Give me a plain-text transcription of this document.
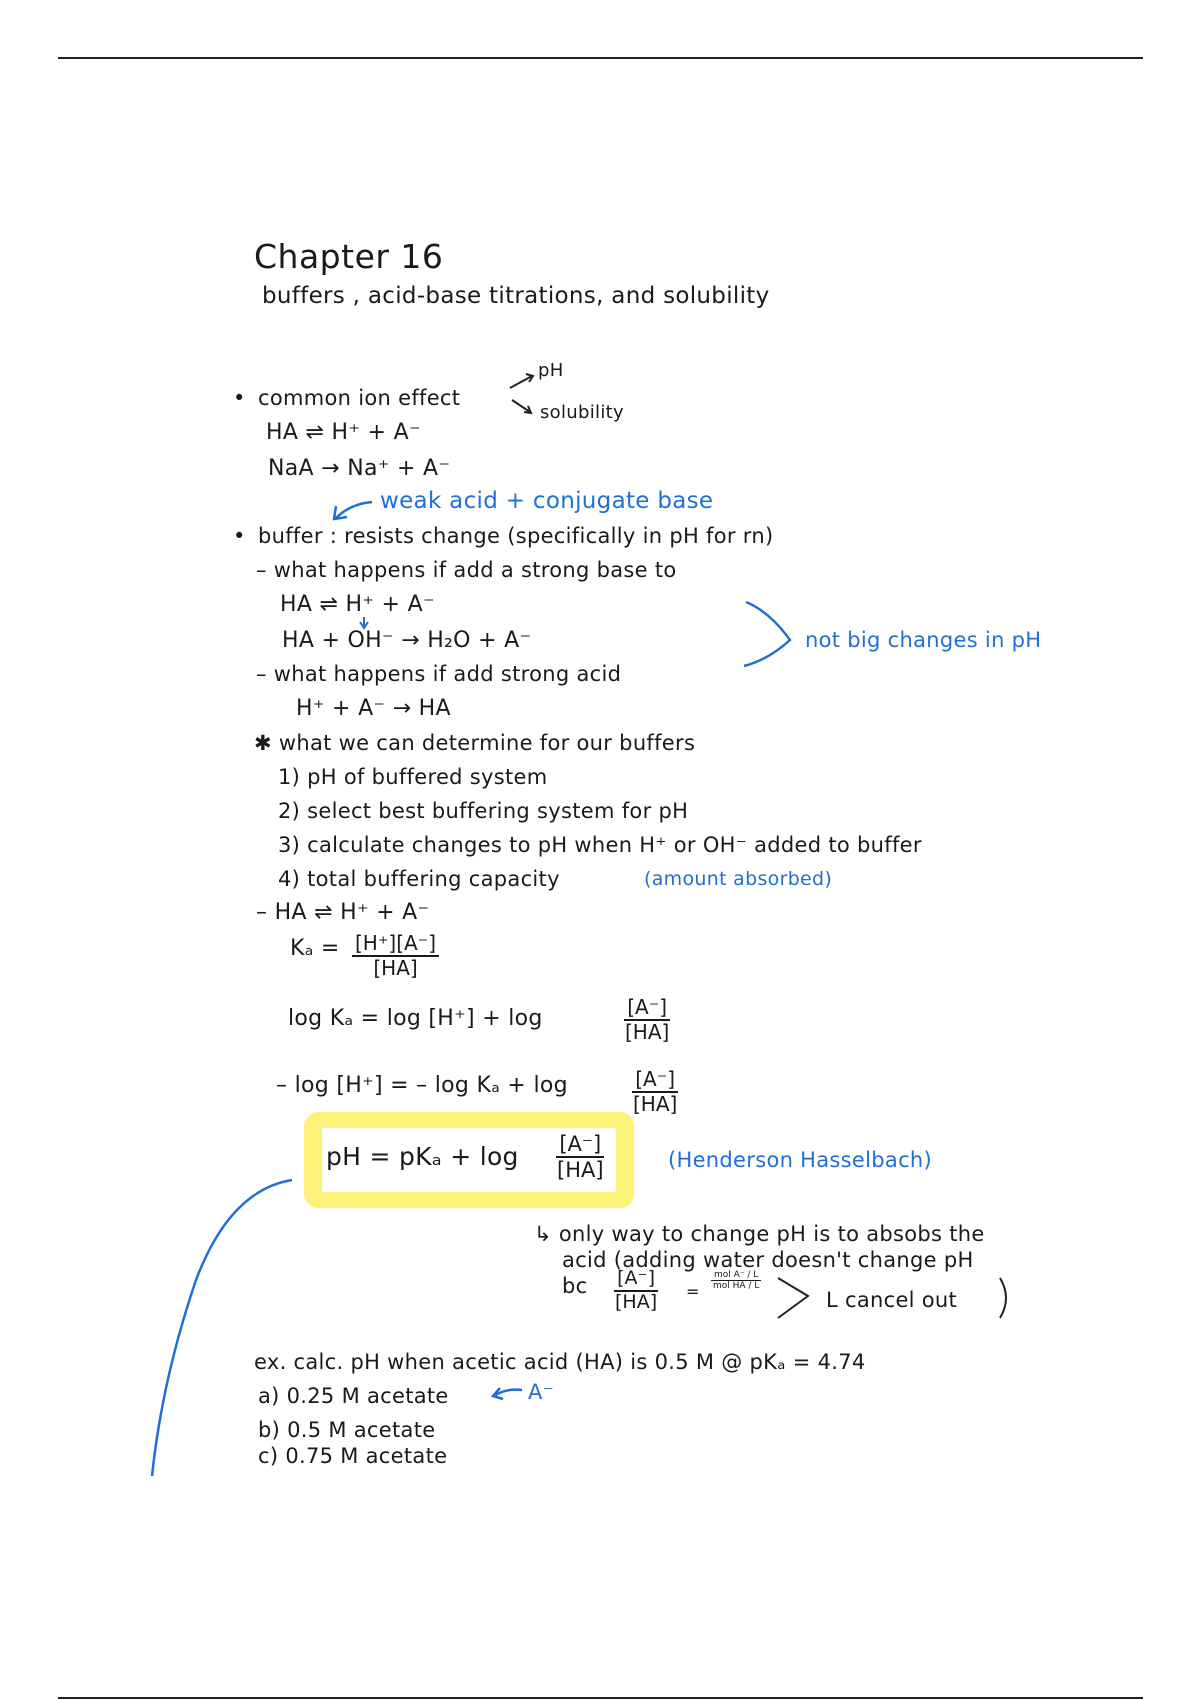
Chapter 16
buffers , acid-base titrations, and solubility
• common ion effect
pH
solubility
HA ⇌ H⁺ + A⁻
NaA → Na⁺ + A⁻
weak acid + conjugate base
• buffer : resists change (specifically in pH for rn)
– what happens if add a strong base to
HA ⇌ H⁺ + A⁻
HA + OH⁻ → H₂O + A⁻	not big changes in pH
– what happens if add strong acid
H⁺ + A⁻ → HA
✱ what we can determine for our buffers
1) pH of buffered system
2) select best buffering system for pH
3) calculate changes to pH when H⁺ or OH⁻ added to buffer
4) total buffering capacity	(amount absorbed)
– HA ⇌ H⁺ + A⁻
$K_a = \frac{[H^+][A^-]}{[HA]}$
log Kₐ = log [H⁺] + log	$\frac{[A^-]}{[HA]}$
– log [H⁺] = – log Kₐ + log	$\frac{[A^-]}{[HA]}$
pH = $pK_a + \log \frac{[A^-]}{[HA]}$	(Henderson Hasselbach)
↳ only way to change pH is to absobs the
acid (adding water doesn't change pH
bc $\frac{[A^-]}{[HA]}$ =
mol A⁻ / L
mol HA / L
L cancel out
ex. calc. pH when acetic acid (HA) is 0.5 M @ pKₐ = 4.74
a) 0.25 M acetate	A⁻
b) 0.5 M acetate
c) 0.75 M acetate
